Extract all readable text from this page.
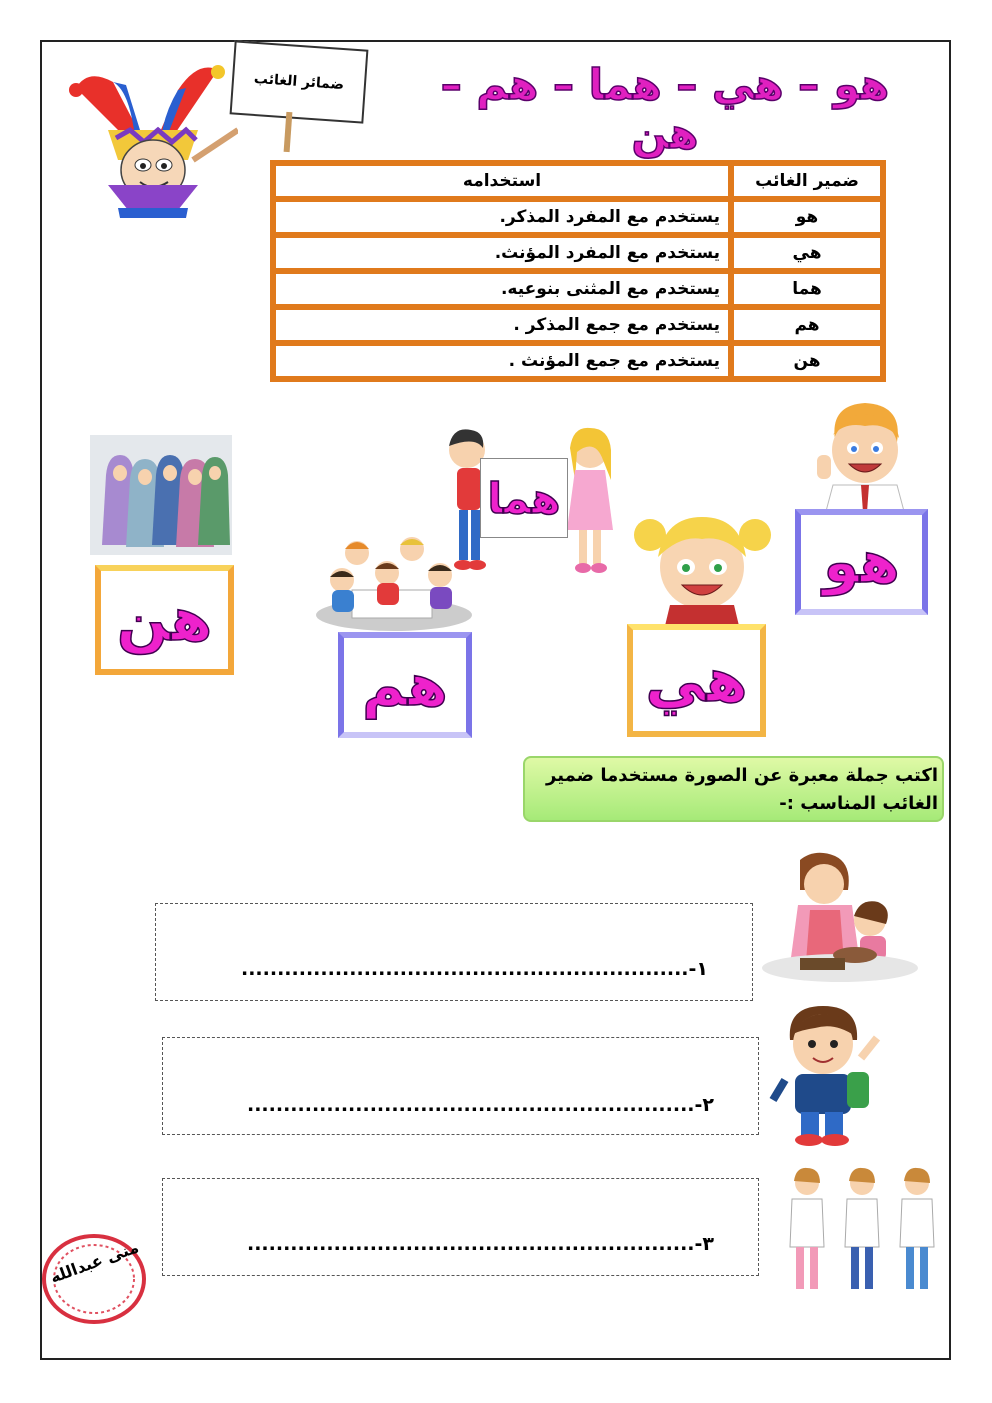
ضمائر الغائب هو – هي – هما – هم – هن
ضمير الغائب	استخدامه
هو	يستخدم مع المفرد المذكر.
هي	يستخدم مع المفرد المؤنث.
هما	يستخدم مع المثنى بنوعيه.
هم	يستخدم مع جمع المذكر .
هن	يستخدم مع جمع المؤنث .
هو
هي
هما
هم
هن
اكتب جملة معبرة عن الصورة مستخدما ضمير الغائب المناسب :-
١-..............................................................
٢-..............................................................
٣-..............................................................
منى عبدالله
